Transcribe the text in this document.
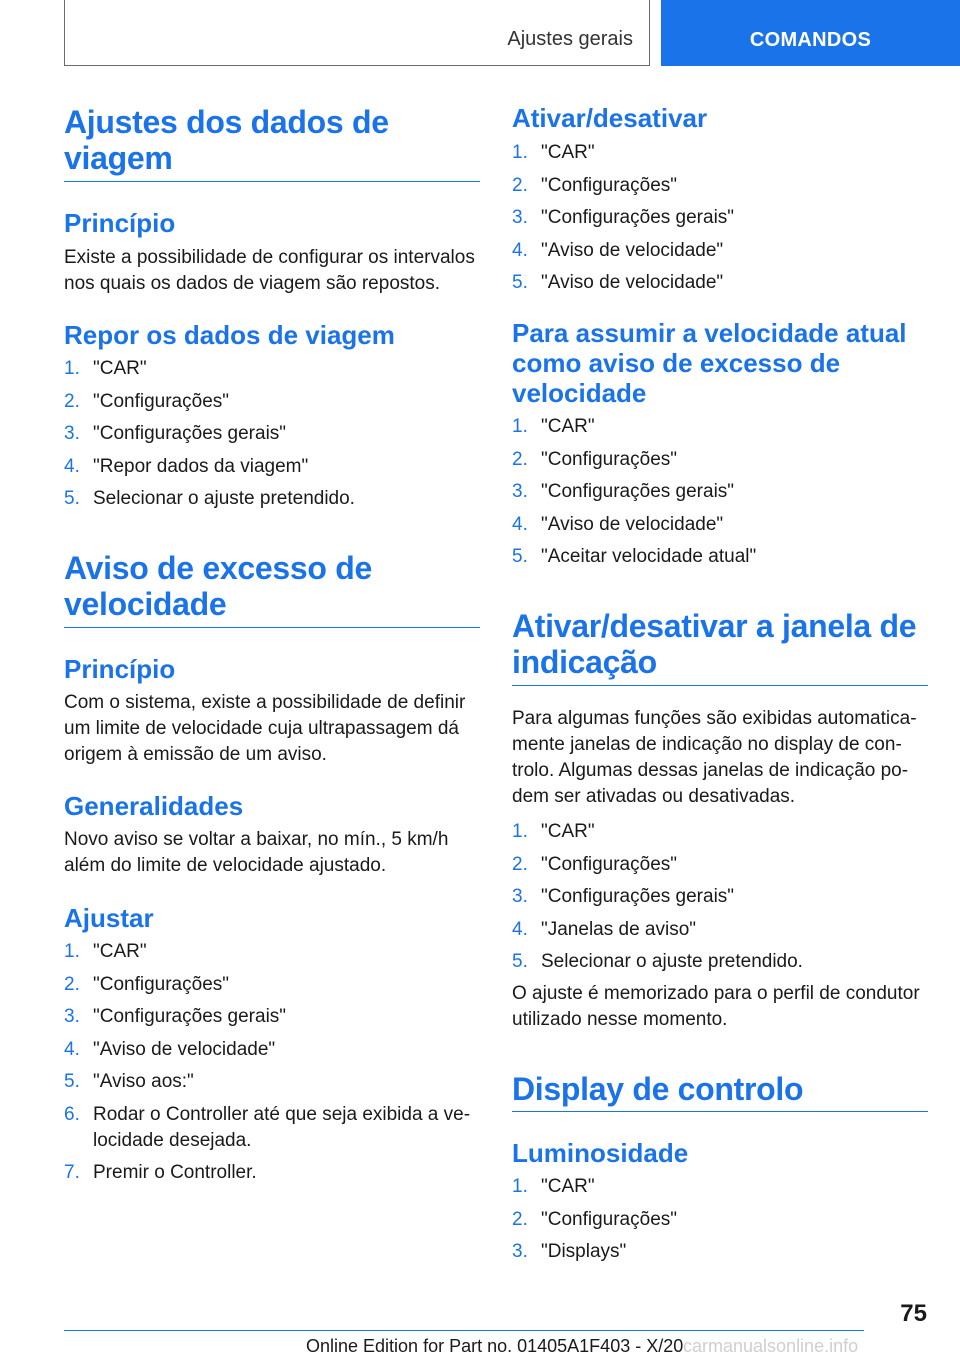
Ajustes gerais	COMANDOS
Ajustes dos dados de viagem
Princípio

Existe a possibilidade de configurar os intervalos nos quais os dados de viagem são repostos.

Repor os dados de viagem
1. "CAR"
2. "Configurações"
3. "Configurações gerais"
4. "Repor dados da viagem"
5. Selecionar o ajuste pretendido.
Aviso de excesso de velocidade
Princípio

Com o sistema, existe a possibilidade de definir um limite de velocidade cuja ultrapassagem dá origem à emissão de um aviso.

Generalidades

Novo aviso se voltar a baixar, no mín., 5 km/h além do limite de velocidade ajustado.

Ajustar
1. "CAR"
2. "Configurações"
3. "Configurações gerais"
4. "Aviso de velocidade"
5. "Aviso aos:"
6. Rodar o Controller até que seja exibida a velocidade desejada.
7. Premir o Controller.
Ativar/desativar
1. "CAR"
2. "Configurações"
3. "Configurações gerais"
4. "Aviso de velocidade"
5. "Aviso de velocidade"
Para assumir a velocidade atual como aviso de excesso de velocidade
1. "CAR"
2. "Configurações"
3. "Configurações gerais"
4. "Aviso de velocidade"
5. "Aceitar velocidade atual"
Ativar/desativar a janela de indicação

Para algumas funções são exibidas automaticamente janelas de indicação no display de controlo. Algumas dessas janelas de indicação podem ser ativadas ou desativadas.

1. "CAR"
2. "Configurações"
3. "Configurações gerais"
4. "Janelas de aviso"
5. Selecionar o ajuste pretendido.

O ajuste é memorizado para o perfil de condutor utilizado nesse momento.

Display de controlo
Luminosidade
1. "CAR"
2. "Configurações"
3. "Displays"
75
Online Edition for Part no. 01405A1F403 - X/20 carmanualsonline.info
